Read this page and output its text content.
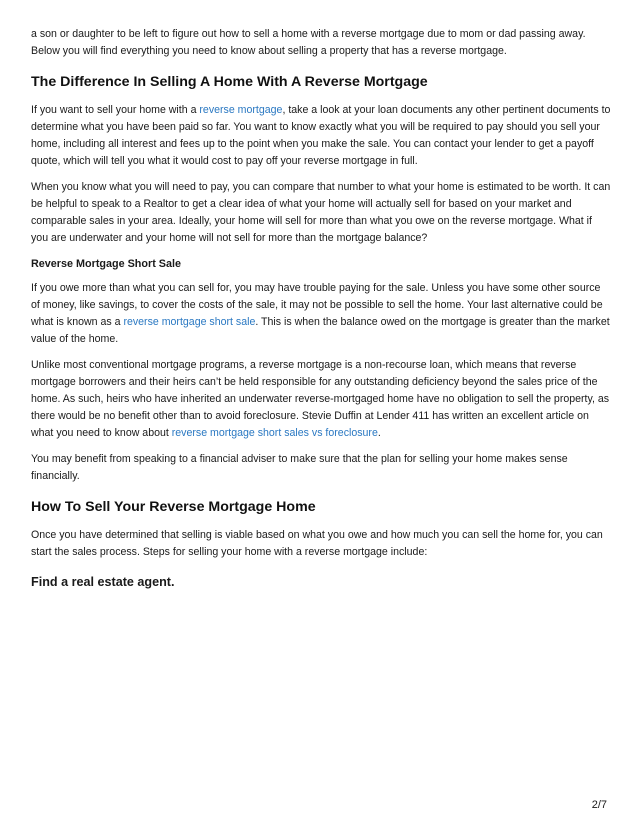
a son or daughter to be left to figure out how to sell a home with a reverse mortgage due to mom or dad passing away. Below you will find everything you need to know about selling a property that has a reverse mortgage.

The Difference In Selling A Home With A Reverse Mortgage

If you want to sell your home with a reverse mortgage, take a look at your loan documents any other pertinent documents to determine what you have been paid so far. You want to know exactly what you will be required to pay should you sell your home, including all interest and fees up to the point when you make the sale. You can contact your lender to get a payoff quote, which will tell you what it would cost to pay off your reverse mortgage in full.

When you know what you will need to pay, you can compare that number to what your home is estimated to be worth. It can be helpful to speak to a Realtor to get a clear idea of what your home will actually sell for based on your market and comparable sales in your area. Ideally, your home will sell for more than what you owe on the reverse mortgage. What if you are underwater and your home will not sell for more than the mortgage balance?

Reverse Mortgage Short Sale

If you owe more than what you can sell for, you may have trouble paying for the sale. Unless you have some other source of money, like savings, to cover the costs of the sale, it may not be possible to sell the home. Your last alternative could be what is known as a reverse mortgage short sale. This is when the balance owed on the mortgage is greater than the market value of the home.

Unlike most conventional mortgage programs, a reverse mortgage is a non-recourse loan, which means that reverse mortgage borrowers and their heirs can’t be held responsible for any outstanding deficiency beyond the sales price of the home. As such, heirs who have inherited an underwater reverse-mortgaged home have no obligation to sell the property, as there would be no benefit other than to avoid foreclosure. Stevie Duffin at Lender 411 has written an excellent article on what you need to know about reverse mortgage short sales vs foreclosure.

You may benefit from speaking to a financial adviser to make sure that the plan for selling your home makes sense financially.

How To Sell Your Reverse Mortgage Home

Once you have determined that selling is viable based on what you owe and how much you can sell the home for, you can start the sales process. Steps for selling your home with a reverse mortgage include:

Find a real estate agent.
2/7
